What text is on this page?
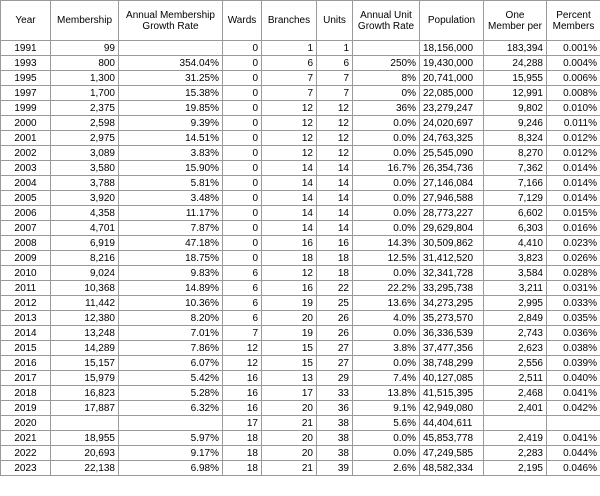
Year	Membership	Annual Membership Growth Rate	Wards	Branches	Units	Annual Unit Growth Rate	Population	One Member per	Percent Members
1991	99		0	1	1		18,156,000	183,394	0.001%
1993	800	354.04%	0	6	6	250%	19,430,000	24,288	0.004%
1995	1,300	31.25%	0	7	7	8%	20,741,000	15,955	0.006%
1997	1,700	15.38%	0	7	7	0%	22,085,000	12,991	0.008%
1999	2,375	19.85%	0	12	12	36%	23,279,247	9,802	0.010%
2000	2,598	9.39%	0	12	12	0.0%	24,020,697	9,246	0.011%
2001	2,975	14.51%	0	12	12	0.0%	24,763,325	8,324	0.012%
2002	3,089	3.83%	0	12	12	0.0%	25,545,090	8,270	0.012%
2003	3,580	15.90%	0	14	14	16.7%	26,354,736	7,362	0.014%
2004	3,788	5.81%	0	14	14	0.0%	27,146,084	7,166	0.014%
2005	3,920	3.48%	0	14	14	0.0%	27,946,588	7,129	0.014%
2006	4,358	11.17%	0	14	14	0.0%	28,773,227	6,602	0.015%
2007	4,701	7.87%	0	14	14	0.0%	29,629,804	6,303	0.016%
2008	6,919	47.18%	0	16	16	14.3%	30,509,862	4,410	0.023%
2009	8,216	18.75%	0	18	18	12.5%	31,412,520	3,823	0.026%
2010	9,024	9.83%	6	12	18	0.0%	32,341,728	3,584	0.028%
2011	10,368	14.89%	6	16	22	22.2%	33,295,738	3,211	0.031%
2012	11,442	10.36%	6	19	25	13.6%	34,273,295	2,995	0.033%
2013	12,380	8.20%	6	20	26	4.0%	35,273,570	2,849	0.035%
2014	13,248	7.01%	7	19	26	0.0%	36,336,539	2,743	0.036%
2015	14,289	7.86%	12	15	27	3.8%	37,477,356	2,623	0.038%
2016	15,157	6.07%	12	15	27	0.0%	38,748,299	2,556	0.039%
2017	15,979	5.42%	16	13	29	7.4%	40,127,085	2,511	0.040%
2018	16,823	5.28%	16	17	33	13.8%	41,515,395	2,468	0.041%
2019	17,887	6.32%	16	20	36	9.1%	42,949,080	2,401	0.042%
2020			17	21	38	5.6%	44,404,611		
2021	18,955	5.97%	18	20	38	0.0%	45,853,778	2,419	0.041%
2022	20,693	9.17%	18	20	38	0.0%	47,249,585	2,283	0.044%
2023	22,138	6.98%	18	21	39	2.6%	48,582,334	2,195	0.046%
